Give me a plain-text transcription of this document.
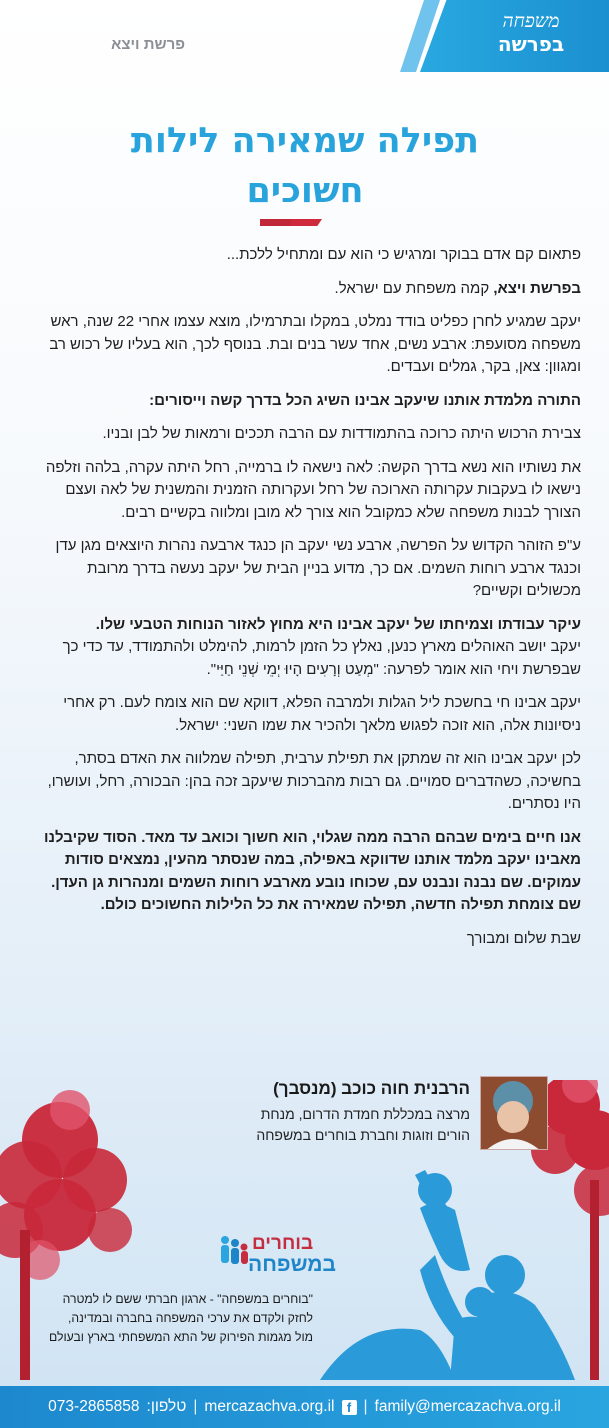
משפחה
בפרשה
פרשת ויצא
תפילה שמאירה לילות חשוכים

פתאום קם אדם בבוקר ומרגיש כי הוא עם ומתחיל ללכת...

בפרשת ויצא, קמה משפחת עם ישראל.

יעקב שמגיע לחרן כפליט בודד נמלט, במקלו ובתרמילו, מוצא עצמו אחרי 22 שנה, ראש משפחה מסועפת: ארבע נשים, אחד עשר בנים ובת. בנוסף לכך, הוא בעליו של רכוש רב ומגוון: צאן, בקר, גמלים ועבדים.

התורה מלמדת אותנו שיעקב אבינו השיג הכל בדרך קשה וייסורים:

צבירת הרכוש היתה כרוכה בהתמודדות עם הרבה תככים ורמאות של לבן ובניו.

את נשותיו הוא נשא בדרך הקשה: לאה נישאה לו ברמייה, רחל היתה עקרה, בלהה וזלפה נישאו לו בעקבות עקרותה הארוכה של רחל ועקרותה הזמנית והמשנית של לאה ועצם הצורך לבנות משפחה שלא כמקובל הוא צורך לא מובן ומלווה בקשיים רבים.

ע"פ הזוהר הקדוש על הפרשה, ארבע נשי יעקב הן כנגד ארבעה נהרות היוצאים מגן עדן וכנגד ארבע רוחות השמים. אם כך, מדוע בניין הבית של יעקב נעשה בדרך מרובת מכשולים וקשיים?

עיקר עבודתו וצמיחתו של יעקב אבינו היא מחוץ לאזור הנוחות הטבעי שלו.
יעקב יושב האוהלים מארץ כנען, נאלץ כל הזמן לרמות, להימלט ולהתמודד, עד כדי כך שבפרשת ויחי הוא אומר לפרעה: "מְעַט וְרָעִים הָיוּ יְמֵי שְׁנֵי חַיַּי".

יעקב אבינו חי בחשכת ליל הגלות ולמרבה הפלא, דווקא שם הוא צומח לעם. רק אחרי ניסיונות אלה, הוא זוכה לפגוש מלאך ולהכיר את שמו השני: ישראל.

לכן יעקב אבינו הוא זה שמתקן את תפילת ערבית, תפילה שמלווה את האדם בסתר, בחשיכה, כשהדברים סמויים. גם רבות מהברכות שיעקב זכה בהן: הבכורה, רחל, ועושרו, היו נסתרים.

אנו חיים בימים שבהם הרבה ממה שגלוי, הוא חשוך וכואב עד מאד. הסוד שקיבלנו מאבינו יעקב מלמד אותנו שדווקא באפילה, במה שנסתר מהעין, נמצאים סודות עמוקים. שם נבנה ונבנט עם, שכוחו נובע מארבע רוחות השמים ומנהרות גן העדן. שם צומחת תפילה חדשה, תפילה שמאירה את כל הלילות החשוכים כולם.

שבת שלום ומבורך

הרבנית חוה כוכב (מנסבך)
מרצה במכללת חמדת הדרום, מנחת
הורים וזוגות וחברת בוחרים במשפחה
בוחרים
במשפחה
"בוחרים במשפחה" - ארגון חברתי ששם לו למטרה
לחזק ולקדם את ערכי המשפחה בחברה ובמדינה,
מול מגמות הפירוק של התא המשפחתי בארץ ובעולם
family@mercazachva.org.il
|
f
mercazachva.org.il
|
טלפון:
073-2865858
